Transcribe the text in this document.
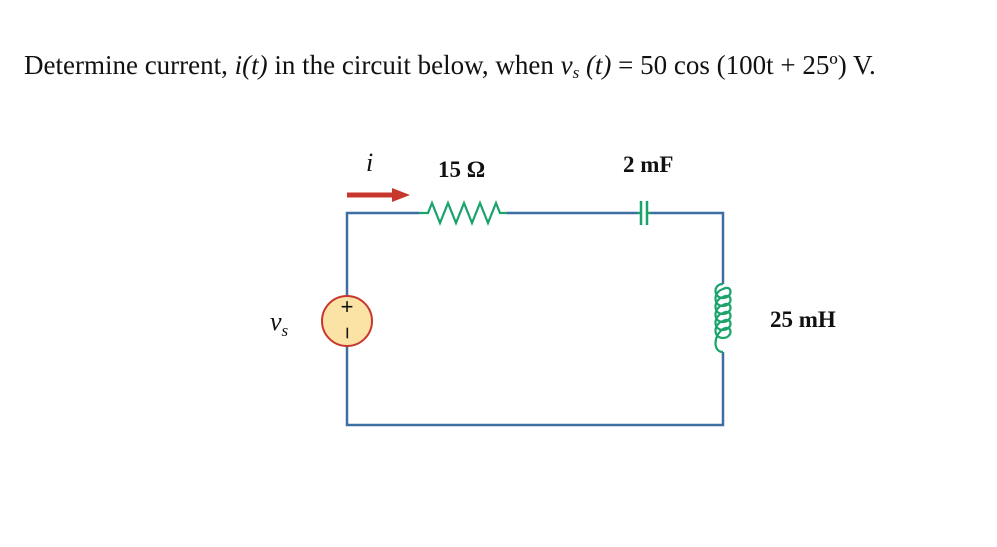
Determine current, i(t) in the circuit below, when $v_s$ (t) = 50 cos (100t + 25º) V.

+
−
i	15 Ω	2 mF
25 mH
vs
